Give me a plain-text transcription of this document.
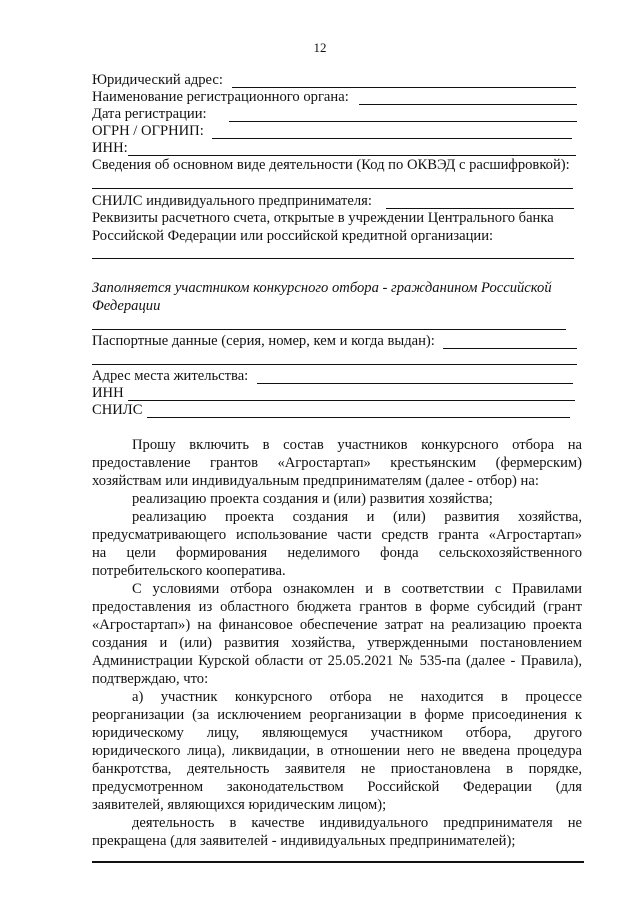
12
Юридический адрес:
Наименование регистрационного органа:
Дата регистрации:
ОГРН / ОГРНИП:
ИНН:
Сведения об основном виде деятельности (Код по ОКВЭД с расшифровкой):
СНИЛС индивидуального предпринимателя:
Реквизиты расчетного счета, открытые в учреждении Центрального банка
Российской Федерации или российской кредитной организации:
Заполняется участником конкурсного отбора - гражданином Российской
Федерации
Паспортные данные (серия, номер, кем и когда выдан):
Адрес места жительства:
ИНН
СНИЛС
Прошу включить в состав участников конкурсного отбора на
предоставление грантов «Агростартап» крестьянским (фермерским)
хозяйствам или индивидуальным предпринимателям (далее - отбор) на:
реализацию проекта создания и (или) развития хозяйства;
реализацию проекта создания и (или) развития хозяйства,
предусматривающего использование части средств гранта «Агростартап»
на цели формирования неделимого фонда сельскохозяйственного
потребительского кооператива.
С условиями отбора ознакомлен и в соответствии с Правилами
предоставления из областного бюджета грантов в форме субсидий (грант
«Агростартап») на финансовое обеспечение затрат на реализацию проекта
создания и (или) развития хозяйства, утвержденными постановлением
Администрации Курской области от 25.05.2021 № 535-па (далее - Правила),
подтверждаю, что:
а) участник конкурсного отбора не находится в процессе
реорганизации (за исключением реорганизации в форме присоединения к
юридическому лицу, являющемуся участником отбора, другого
юридического лица), ликвидации, в отношении него не введена процедура
банкротства, деятельность заявителя не приостановлена в порядке,
предусмотренном законодательством Российской Федерации (для
заявителей, являющихся юридическим лицом);
деятельность в качестве индивидуального предпринимателя не
прекращена (для заявителей - индивидуальных предпринимателей);
